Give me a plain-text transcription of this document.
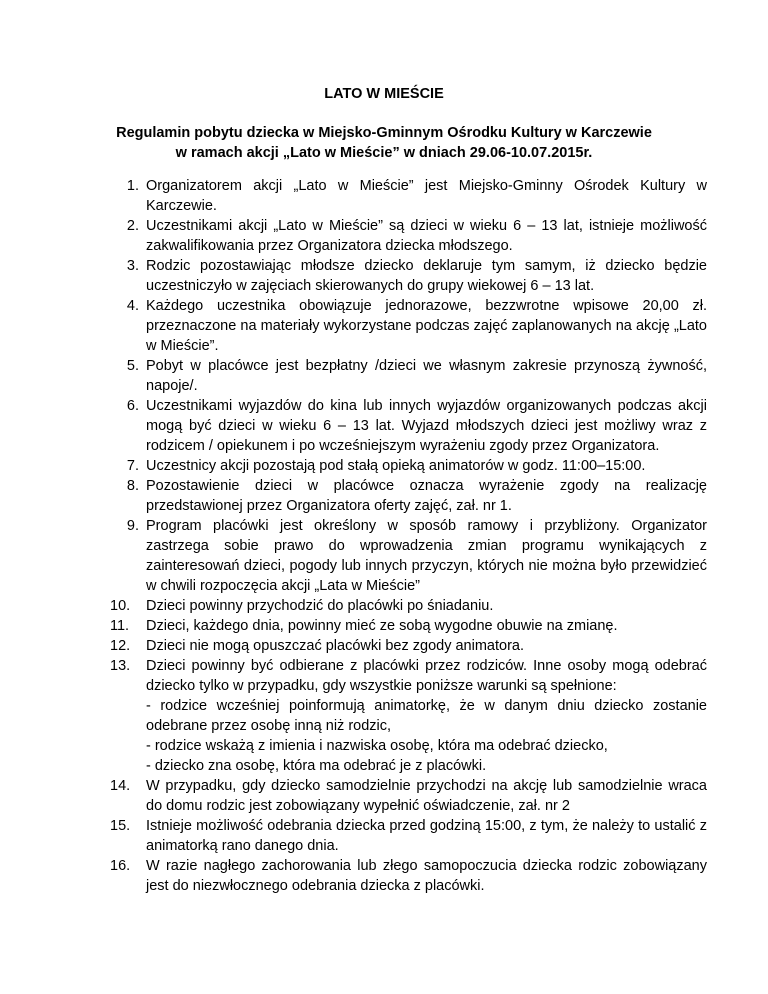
LATO W MIEŚCIE
Regulamin pobytu dziecka w Miejsko-Gminnym Ośrodku Kultury w Karczewie
w ramach akcji „Lato w Mieście” w dniach 29.06-10.07.2015r.
1. Organizatorem akcji „Lato w Mieście” jest Miejsko-Gminny Ośrodek Kultury w Karczewie.
2. Uczestnikami akcji „Lato w Mieście” są dzieci w wieku 6 – 13 lat, istnieje możliwość zakwalifikowania przez Organizatora dziecka młodszego.
3. Rodzic pozostawiając młodsze dziecko deklaruje tym samym, iż dziecko będzie uczestniczyło w zajęciach skierowanych do grupy wiekowej 6 – 13 lat.
4. Każdego uczestnika obowiązuje jednorazowe, bezzwrotne wpisowe 20,00 zł. przeznaczone na materiały wykorzystane podczas zajęć zaplanowanych na akcję „Lato w Mieście”.
5. Pobyt w placówce jest bezpłatny /dzieci we własnym zakresie przynoszą żywność, napoje/.
6. Uczestnikami wyjazdów do kina lub innych wyjazdów organizowanych podczas akcji mogą być dzieci w wieku 6 – 13 lat. Wyjazd młodszych dzieci jest możliwy wraz z rodzicem / opiekunem i po wcześniejszym wyrażeniu zgody przez Organizatora.
7. Uczestnicy akcji pozostają pod stałą opieką animatorów w godz. 11:00–15:00.
8. Pozostawienie dzieci w placówce oznacza wyrażenie zgody na realizację przedstawionej przez Organizatora oferty zajęć, zał. nr 1.
9. Program placówki jest określony w sposób ramowy i przybliżony. Organizator zastrzega sobie prawo do wprowadzenia zmian programu wynikających z zainteresowań dzieci, pogody lub innych przyczyn, których nie można było przewidzieć w chwili rozpoczęcia akcji „Lata w Mieście”
10.	Dzieci powinny przychodzić do placówki po śniadaniu.
11.	Dzieci, każdego dnia, powinny mieć ze sobą wygodne obuwie na zmianę.
12.	Dzieci nie mogą opuszczać placówki bez zgody animatora.
13.	Dzieci powinny być odbierane z placówki przez rodziców. Inne osoby mogą odebrać dziecko tylko w przypadku, gdy wszystkie poniższe warunki są spełnione:
- rodzice wcześniej poinformują animatorkę, że w danym dniu dziecko zostanie odebrane przez osobę inną niż rodzic,
- rodzice wskażą z imienia i nazwiska osobę, która ma odebrać dziecko,
- dziecko zna osobę, która ma odebrać je z placówki.
14.	W przypadku, gdy dziecko samodzielnie przychodzi na akcję lub samodzielnie wraca do domu rodzic jest zobowiązany wypełnić oświadczenie, zał. nr 2
15.	Istnieje możliwość odebrania dziecka przed godziną 15:00, z tym, że należy to ustalić z animatorką rano danego dnia.
16.	W razie nagłego zachorowania lub złego samopoczucia dziecka rodzic zobowiązany jest do niezwłocznego odebrania dziecka z placówki.
